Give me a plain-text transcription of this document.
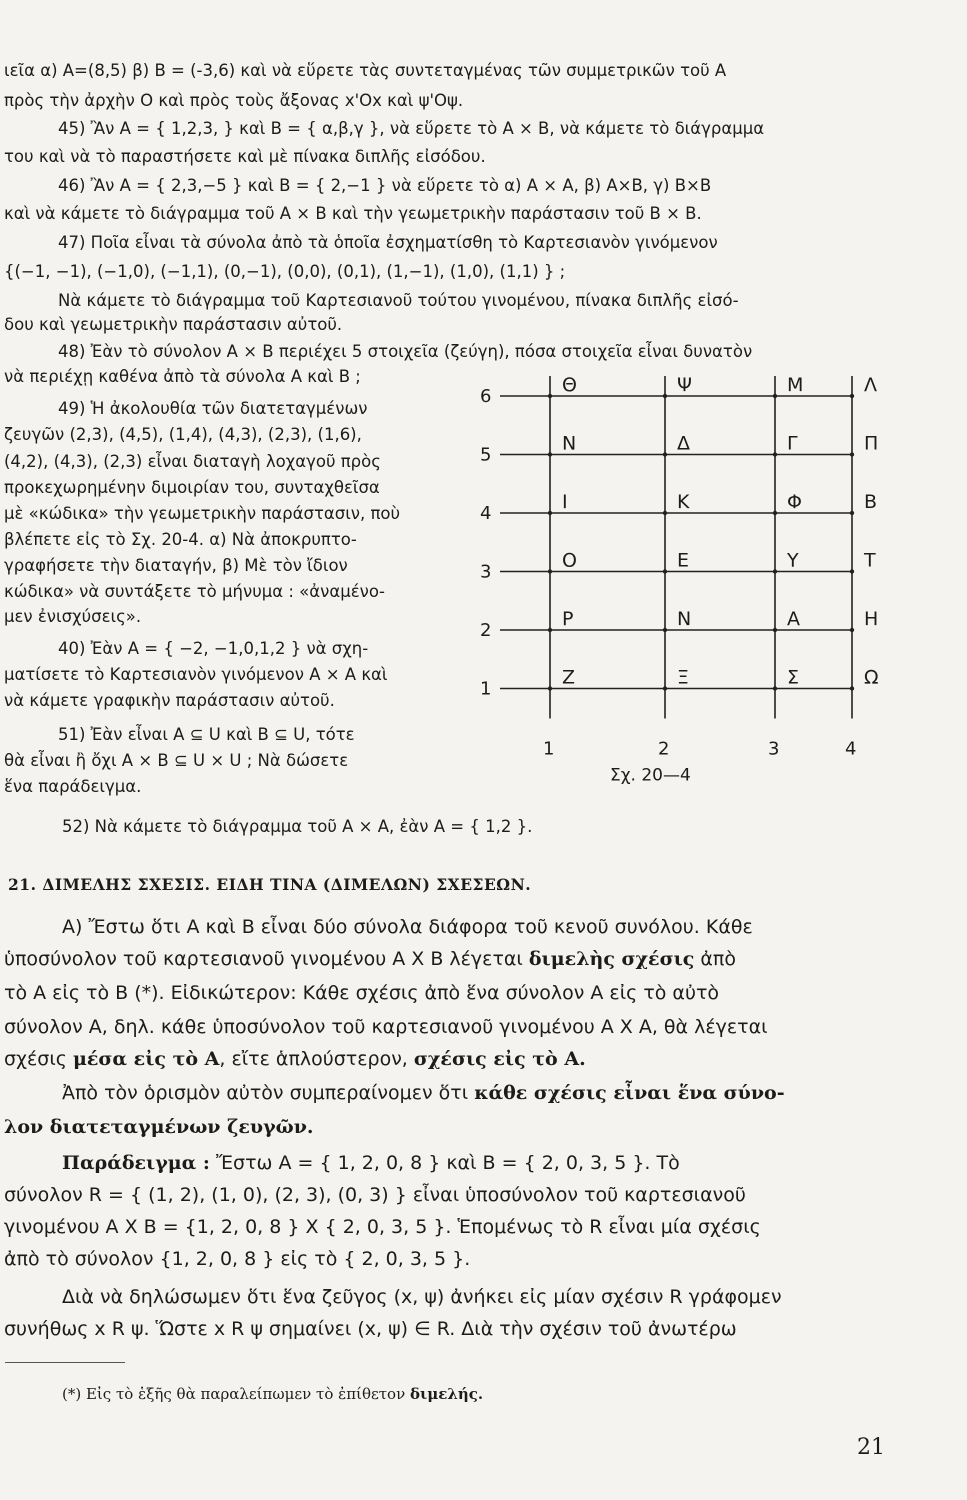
ιεῖα α) A=(8,5) β) B = (-3,6) καὶ νὰ εὕρετε τὰς συντεταγμένας τῶν συμμετρικῶν τοῦ A
πρὸς τὴν ἀρχὴν O καὶ πρὸς τοὺς ἄξονας x'Ox καὶ ψ'Oψ.
45) Ἂν A = { 1,2,3, } καὶ B = { α,β,γ }, νὰ εὕρετε τὸ A × B, νὰ κάμετε τὸ διάγραμμα
του καὶ νὰ τὸ παραστήσετε καὶ μὲ πίνακα διπλῆς εἰσόδου.
46) Ἂν A = { 2,3,−5 } καὶ B = { 2,−1 } νὰ εὕρετε τὸ α) A × A, β) A×B, γ) B×B
καὶ νὰ κάμετε τὸ διάγραμμα τοῦ A × B καὶ τὴν γεωμετρικὴν παράστασιν τοῦ B × B.
47) Ποῖα εἶναι τὰ σύνολα ἀπὸ τὰ ὁποῖα ἐσχηματίσθη τὸ Καρτεσιανὸν γινόμενον
{(−1, −1), (−1,0), (−1,1), (0,−1), (0,0), (0,1), (1,−1), (1,0), (1,1) } ;
Νὰ κάμετε τὸ διάγραμμα τοῦ Καρτεσιανοῦ τούτου γινομένου, πίνακα διπλῆς εἰσό-
δου καὶ γεωμετρικὴν παράστασιν αὐτοῦ.
48) Ἐὰν τὸ σύνολον A × B περιέχει 5 στοιχεῖα (ζεύγη), πόσα στοιχεῖα εἶναι δυνατὸν
νὰ περιέχῃ καθένα ἀπὸ τὰ σύνολα A καὶ B ;
49) Ἡ ἀκολουθία τῶν διατεταγμένων
ζευγῶν (2,3), (4,5), (1,4), (4,3), (2,3), (1,6),
(4,2), (4,3), (2,3) εἶναι διαταγὴ λοχαγοῦ πρὸς
προκεχωρημένην διμοιρίαν του, συνταχθεῖσα
μὲ «κώδικα» τὴν γεωμετρικὴν παράστασιν, ποὺ
βλέπετε εἰς τὸ Σχ. 20-4. α) Νὰ ἀποκρυπτο-
γραφήσετε τὴν διαταγήν, β) Μὲ τὸν ἴδιον
κώδικα» νὰ συντάξετε τὸ μήνυμα : «ἀναμένο-
μεν ἐνισχύσεις».
40) Ἐὰν A = { −2, −1,0,1,2 } νὰ σχη-
ματίσετε τὸ Καρτεσιανὸν γινόμενον A × A καὶ
νὰ κάμετε γραφικὴν παράστασιν αὐτοῦ.
51) Ἐὰν εἶναι A ⊆ U καὶ B ⊆ U, τότε
θὰ εἶναι ἢ ὄχι A × B ⊆ U × U ; Νὰ δώσετε
ἕνα παράδειγμα.
52) Νὰ κάμετε τὸ διάγραμμα τοῦ A × A, ἐὰν A = { 1,2 }.
6
5
4
3
2
1
1	2	3	4
Θ	Ψ	Μ	Λ
Ν	Δ	Γ	Π
Ι	Κ	Φ	Β
Ο	Ε	Υ	Τ
Ρ	Ν	Α	Η
Ζ	Ξ	Σ	Ω
Σχ. 20—4
21. ΔΙΜΕΛΗΣ ΣΧΕΣΙΣ. ΕΙΔΗ ΤΙΝΑ (ΔΙΜΕΛΩΝ) ΣΧΕΣΕΩΝ.
A) Ἔστω ὅτι A καὶ B εἶναι δύο σύνολα διάφορα τοῦ κενοῦ συνόλου. Κάθε
ὑποσύνολον τοῦ καρτεσιανοῦ γινομένου A X B λέγεται διμελὴς σχέσις ἀπὸ
τὸ A εἰς τὸ B (*). Εἰδικώτερον: Κάθε σχέσις ἀπὸ ἕνα σύνολον A εἰς τὸ αὐτὸ
σύνολον A, δηλ. κάθε ὑποσύνολον τοῦ καρτεσιανοῦ γινομένου A X A, θὰ λέγεται
σχέσις μέσα εἰς τὸ A, εἴτε ἁπλούστερον, σχέσις εἰς τὸ A.
Ἀπὸ τὸν ὁρισμὸν αὐτὸν συμπεραίνομεν ὅτι κάθε σχέσις εἶναι ἕνα σύνο-
λον διατεταγμένων ζευγῶν.
Παράδειγμα : Ἔστω A = { 1, 2, 0, 8 } καὶ B = { 2, 0, 3, 5 }. Τὸ
σύνολον R = { (1, 2), (1, 0), (2, 3), (0, 3) } εἶναι ὑποσύνολον τοῦ καρτεσιανοῦ
γινομένου A X B = {1, 2, 0, 8 } X { 2, 0, 3, 5 }. Ἑπομένως τὸ R εἶναι μία σχέσις
ἀπὸ τὸ σύνολον {1, 2, 0, 8 } εἰς τὸ { 2, 0, 3, 5 }.
Διὰ νὰ δηλώσωμεν ὅτι ἕνα ζεῦγος (x, ψ) ἀνήκει εἰς μίαν σχέσιν R γράφομεν
συνήθως x R ψ. Ὥστε x R ψ σημαίνει (x, ψ) ∈ R. Διὰ τὴν σχέσιν τοῦ ἀνωτέρω
(*) Εἰς τὸ ἑξῆς θὰ παραλείπωμεν τὸ ἐπίθετον διμελής.
21
